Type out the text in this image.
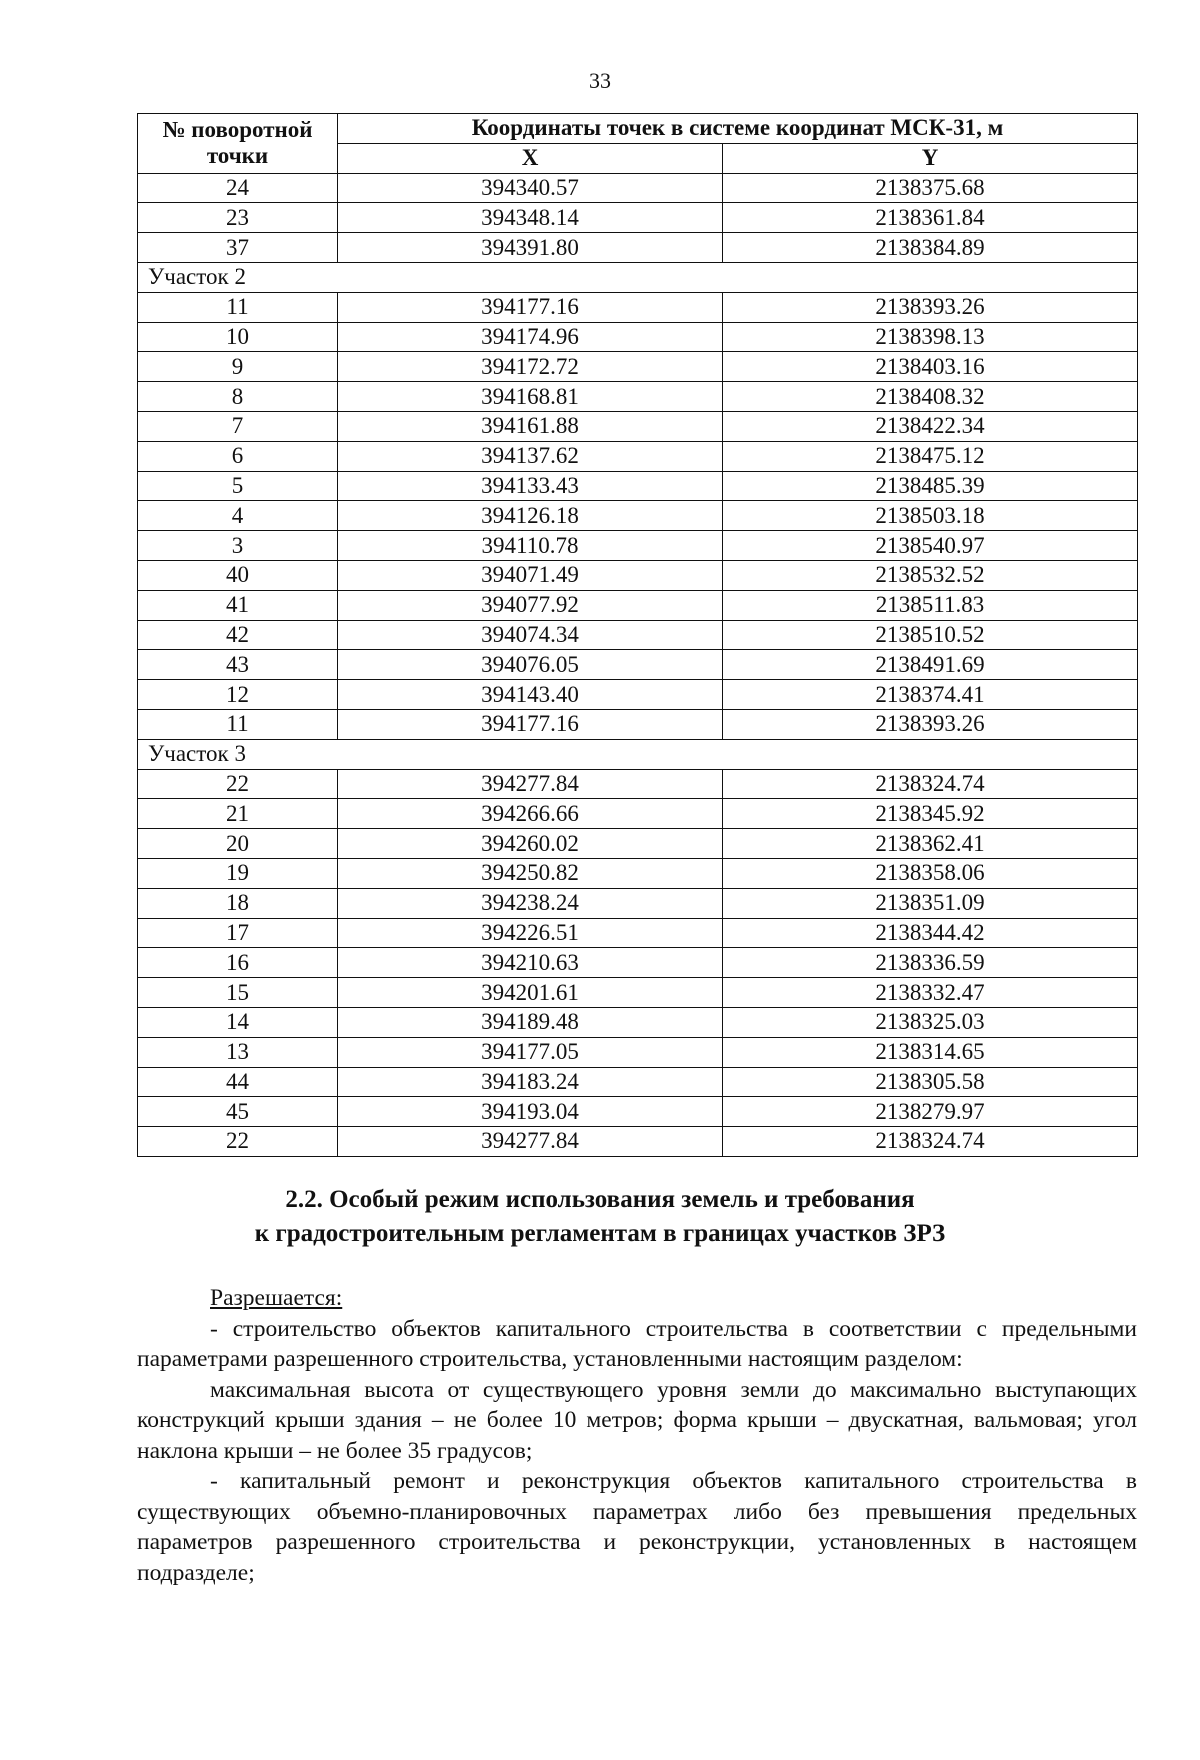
33
№ поворотной точки	Координаты точек в системе координат МСК-31, м	
	X	Y
24	394340.57	2138375.68
23	394348.14	2138361.84
37	394391.80	2138384.89
Участок 2		
11	394177.16	2138393.26
10	394174.96	2138398.13
9	394172.72	2138403.16
8	394168.81	2138408.32
7	394161.88	2138422.34
6	394137.62	2138475.12
5	394133.43	2138485.39
4	394126.18	2138503.18
3	394110.78	2138540.97
40	394071.49	2138532.52
41	394077.92	2138511.83
42	394074.34	2138510.52
43	394076.05	2138491.69
12	394143.40	2138374.41
11	394177.16	2138393.26
Участок 3		
22	394277.84	2138324.74
21	394266.66	2138345.92
20	394260.02	2138362.41
19	394250.82	2138358.06
18	394238.24	2138351.09
17	394226.51	2138344.42
16	394210.63	2138336.59
15	394201.61	2138332.47
14	394189.48	2138325.03
13	394177.05	2138314.65
44	394183.24	2138305.58
45	394193.04	2138279.97
22	394277.84	2138324.74
2.2. Особый режим использования земель и требования
к градостроительным регламентам в границах участков ЗРЗ

Разрешается:

- строительство объектов капитального строительства в соответствии с предельными параметрами разрешенного строительства, установленными настоящим разделом:

максимальная высота от существующего уровня земли до максимально выступающих конструкций крыши здания – не более 10 метров; форма крыши – двускатная, вальмовая; угол наклона крыши – не более 35 градусов;

- капитальный ремонт и реконструкция объектов капитального строительства в существующих объемно-планировочных параметрах либо без превышения предельных параметров разрешенного строительства и реконструкции, установленных в настоящем подразделе;
